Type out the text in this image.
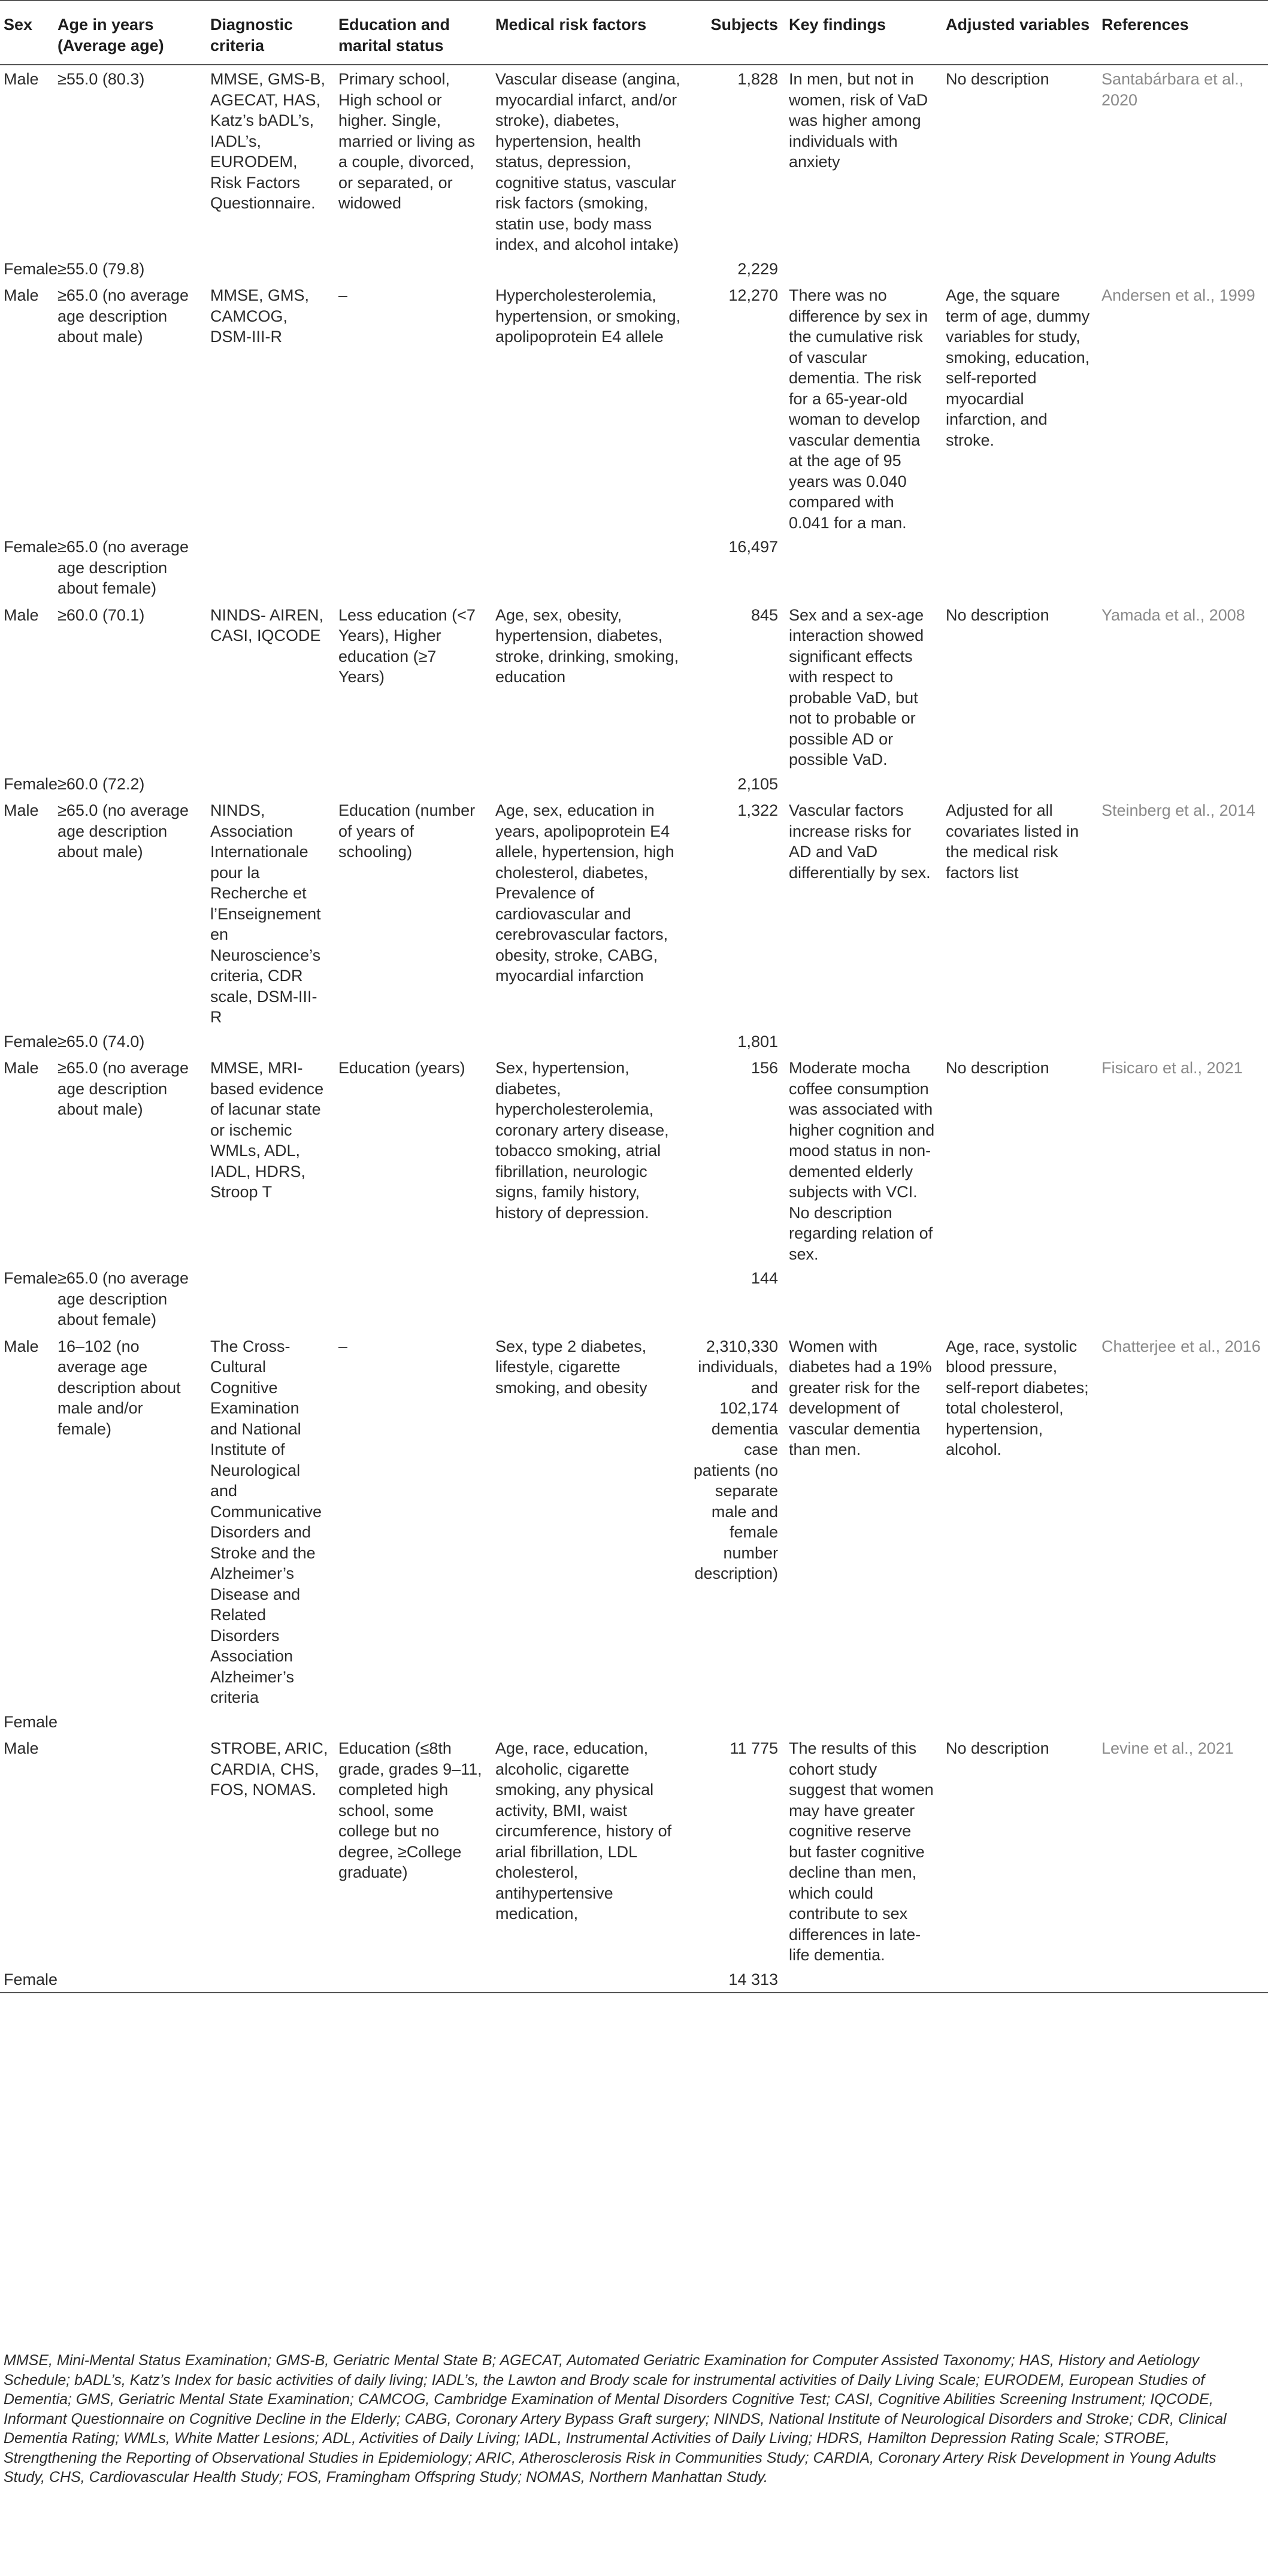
Sex	Age in years (Average age)	Diagnostic criteria	Education and marital status	Medical risk factors	Subjects	Key findings	Adjusted variables	References
Male	≥55.0 (80.3)	MMSE, GMS-B, AGECAT, HAS, Katz’s bADL’s, IADL’s, EURODEM, Risk Factors Questionnaire.	Primary school, High school or higher. Single, married or living as a couple, divorced, or separated, or widowed	Vascular disease (angina, myocardial infarct, and/or stroke), diabetes, hypertension, health status, depression, cognitive status, vascular risk factors (smoking, statin use, body mass index, and alcohol intake)	1,828	In men, but not in women, risk of VaD was higher among individuals with anxiety	No description	Santabárbara et al., 2020
Female	≥55.0 (79.8)				2,229			
Male	≥65.0 (no average age description about male)	MMSE, GMS, CAMCOG, DSM-III-R	–	Hypercholesterolemia, hypertension, or smoking, apolipoprotein E4 allele	12,270	There was no difference by sex in the cumulative risk of vascular dementia. The risk for a 65-year-old woman to develop vascular dementia at the age of 95 years was 0.040 compared with 0.041 for a man.	Age, the square term of age, dummy variables for study, smoking, education, self-reported myocardial infarction, and stroke.	Andersen et al., 1999
Female	≥65.0 (no average age description about female)				16,497			
Male	≥60.0 (70.1)	NINDS- AIREN, CASI, IQCODE	Less education (<7 Years), Higher education (≥7 Years)	Age, sex, obesity, hypertension, diabetes, stroke, drinking, smoking, education	845	Sex and a sex-age interaction showed significant effects with respect to probable VaD, but not to probable or possible AD or possible VaD.	No description	Yamada et al., 2008
Female	≥60.0 (72.2)				2,105			
Male	≥65.0 (no average age description about male)	NINDS, Association Internationale pour la Recherche et l’Enseignement en Neuroscience’s criteria, CDR scale, DSM-III-R	Education (number of years of schooling)	Age, sex, education in years, apolipoprotein E4 allele, hypertension, high cholesterol, diabetes, Prevalence of cardiovascular and cerebrovascular factors, obesity, stroke, CABG, myocardial infarction	1,322	Vascular factors increase risks for AD and VaD differentially by sex.	Adjusted for all covariates listed in the medical risk factors list	Steinberg et al., 2014
Female	≥65.0 (74.0)				1,801			
Male	≥65.0 (no average age description about male)	MMSE, MRI-based evidence of lacunar state or ischemic WMLs, ADL, IADL, HDRS, Stroop T	Education (years)	Sex, hypertension, diabetes, hypercholesterolemia, coronary artery disease, tobacco smoking, atrial fibrillation, neurologic signs, family history, history of depression.	156	Moderate mocha coffee consumption was associated with higher cognition and mood status in non-demented elderly subjects with VCI. No description regarding relation of sex.	No description	Fisicaro et al., 2021
Female	≥65.0 (no average age description about female)				144			
Male	16–102 (no average age description about male and/or female)	The Cross-Cultural Cognitive Examination and National Institute of Neurological and Communicative Disorders and Stroke and the Alzheimer’s Disease and Related Disorders Association Alzheimer’s criteria	–	Sex, type 2 diabetes, lifestyle, cigarette smoking, and obesity	2,310,330 individuals, and 102,174 dementia case patients (no separate male and female number description)	Women with diabetes had a 19% greater risk for the development of vascular dementia than men.	Age, race, systolic blood pressure, self-report diabetes; total cholesterol, hypertension, alcohol.	Chatterjee et al., 2016
Female								
Male		STROBE, ARIC, CARDIA, CHS, FOS, NOMAS.	Education (≤8th grade, grades 9–11, completed high school, some college but no degree, ≥College graduate)	Age, race, education, alcoholic, cigarette smoking, any physical activity, BMI, waist circumference, history of arial fibrillation, LDL cholesterol, antihypertensive medication,	11 775	The results of this cohort study suggest that women may have greater cognitive reserve but faster cognitive decline than men, which could contribute to sex differences in late-life dementia.	No description	Levine et al., 2021
Female					14 313			
MMSE, Mini-Mental Status Examination; GMS-B, Geriatric Mental State B; AGECAT, Automated Geriatric Examination for Computer Assisted Taxonomy; HAS, History and Aetiology Schedule; bADL’s, Katz’s Index for basic activities of daily living; IADL’s, the Lawton and Brody scale for instrumental activities of Daily Living Scale; EURODEM, European Studies of Dementia; GMS, Geriatric Mental State Examination; CAMCOG, Cambridge Examination of Mental Disorders Cognitive Test; CASI, Cognitive Abilities Screening Instrument; IQCODE, Informant Questionnaire on Cognitive Decline in the Elderly; CABG, Coronary Artery Bypass Graft surgery; NINDS, National Institute of Neurological Disorders and Stroke; CDR, Clinical Dementia Rating; WMLs, White Matter Lesions; ADL, Activities of Daily Living; IADL, Instrumental Activities of Daily Living; HDRS, Hamilton Depression Rating Scale; STROBE, Strengthening the Reporting of Observational Studies in Epidemiology; ARIC, Atherosclerosis Risk in Communities Study; CARDIA, Coronary Artery Risk Development in Young Adults Study, CHS, Cardiovascular Health Study; FOS, Framingham Offspring Study; NOMAS, Northern Manhattan Study.
